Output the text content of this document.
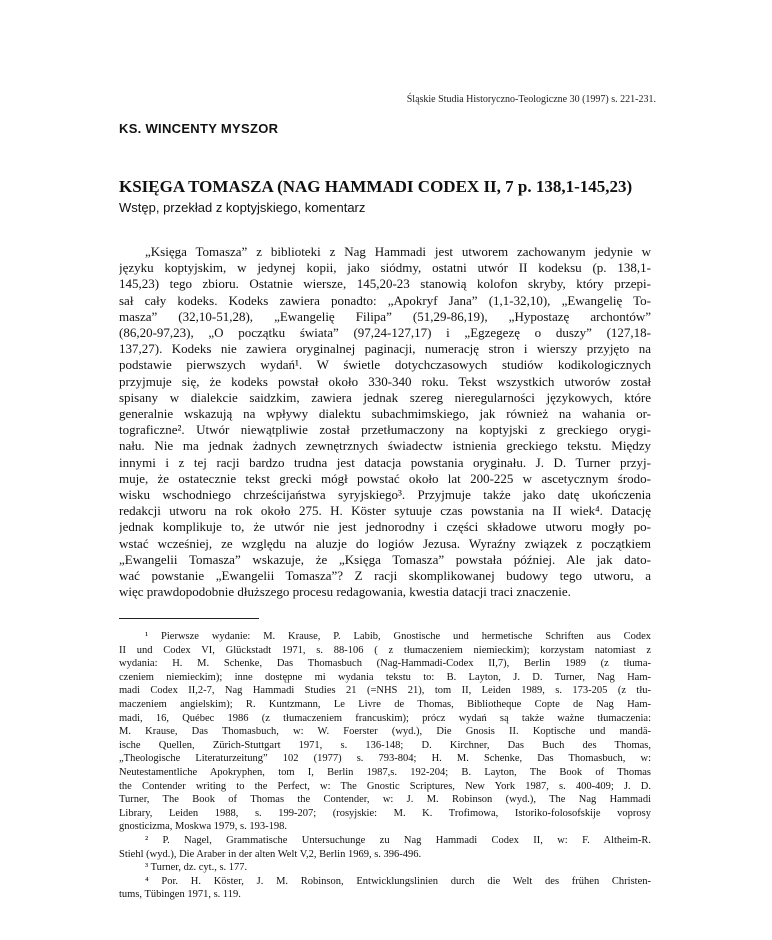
Śląskie Studia Historyczno-Teologiczne 30 (1997) s. 221-231.
KS. WINCENTY MYSZOR
KSIĘGA TOMASZA (NAG HAMMADI CODEX II, 7 p. 138,1-145,23)
Wstęp, przekład z koptyjskiego, komentarz
„Księga Tomasza” z biblioteki z Nag Hammadi jest utworem zachowanym jedynie w
języku koptyjskim, w jedynej kopii, jako siódmy, ostatni utwór II kodeksu (p. 138,1-
145,23) tego zbioru. Ostatnie wiersze, 145,20-23 stanowią kolofon skryby, który przepi-
sał cały kodeks. Kodeks zawiera ponadto: „Apokryf Jana” (1,1-32,10), „Ewangelię To-
masza” (32,10-51,28), „Ewangelię Filipa” (51,29-86,19), „Hypostazę archontów”
(86,20-97,23), „O początku świata” (97,24-127,17) i „Egzegezę o duszy” (127,18-
137,27). Kodeks nie zawiera oryginalnej paginacji, numerację stron i wierszy przyjęto na
podstawie pierwszych wydań¹. W świetle dotychczasowych studiów kodikologicznych
przyjmuje się, że kodeks powstał około 330-340 roku. Tekst wszystkich utworów został
spisany w dialekcie saidzkim, zawiera jednak szereg nieregularności językowych, które
generalnie wskazują na wpływy dialektu subachmimskiego, jak również na wahania or-
tograficzne². Utwór niewątpliwie został przetłumaczony na koptyjski z greckiego orygi-
nału. Nie ma jednak żadnych zewnętrznych świadectw istnienia greckiego tekstu. Między
innymi i z tej racji bardzo trudna jest datacja powstania oryginału. J. D. Turner przyj-
muje, że ostatecznie tekst grecki mógł powstać około lat 200-225 w ascetycznym środo-
wisku wschodniego chrześcijaństwa syryjskiego³. Przyjmuje także jako datę ukończenia
redakcji utworu na rok około 275. H. Köster sytuuje czas powstania na II wiek⁴. Datację
jednak komplikuje to, że utwór nie jest jednorodny i części składowe utworu mogły po-
wstać wcześniej, ze względu na aluzje do logiów Jezusa. Wyraźny związek z początkiem
„Ewangelii Tomasza” wskazuje, że „Księga Tomasza” powstała później. Ale jak dato-
wać powstanie „Ewangelii Tomasza”? Z racji skomplikowanej budowy tego utworu, a
więc prawdopodobnie dłuższego procesu redagowania, kwestia datacji traci znaczenie.
¹ Pierwsze wydanie: M. Krause, P. Labib, Gnostische und hermetische Schriften aus Codex
II und Codex VI, Glückstadt 1971, s. 88-106 ( z tłumaczeniem niemieckim); korzystam natomiast z
wydania: H. M. Schenke, Das Thomasbuch (Nag-Hammadi-Codex II,7), Berlin 1989 (z tłuma-
czeniem niemieckim); inne dostępne mi wydania tekstu to: B. Layton, J. D. Turner, Nag Ham-
madi Codex II,2-7, Nag Hammadi Studies 21 (=NHS 21), tom II, Leiden 1989, s. 173-205 (z tłu-
maczeniem angielskim); R. Kuntzmann, Le Livre de Thomas, Bibliotheque Copte de Nag Ham-
madi, 16, Québec 1986 (z tłumaczeniem francuskim); prócz wydań są także ważne tłumaczenia:
M. Krause, Das Thomasbuch, w: W. Foerster (wyd.), Die Gnosis II. Koptische und mandä-
ische Quellen, Zürich-Stuttgart 1971, s. 136-148; D. Kirchner, Das Buch des Thomas,
„Theologische Literaturzeitung” 102 (1977) s. 793-804; H. M. Schenke, Das Thomasbuch, w:
Neutestamentliche Apokryphen, tom I, Berlin 1987,s. 192-204; B. Layton, The Book of Thomas
the Contender writing to the Perfect, w: The Gnostic Scriptures, New York 1987, s. 400-409; J. D.
Turner, The Book of Thomas the Contender, w: J. M. Robinson (wyd.), The Nag Hammadi
Library, Leiden 1988, s. 199-207; (rosyjskie: M. K. Trofimowa, Istoriko-folosofskije voprosy
gnosticizma, Moskwa 1979, s. 193-198.
² P. Nagel, Grammatische Untersuchunge zu Nag Hammadi Codex II, w: F. Altheim-R.
Stiehl (wyd.), Die Araber in der alten Welt V,2, Berlin 1969, s. 396-496.
³ Turner, dz. cyt., s. 177.
⁴ Por. H. Köster, J. M. Robinson, Entwicklungslinien durch die Welt des frühen Christen-
tums, Tübingen 1971, s. 119.
